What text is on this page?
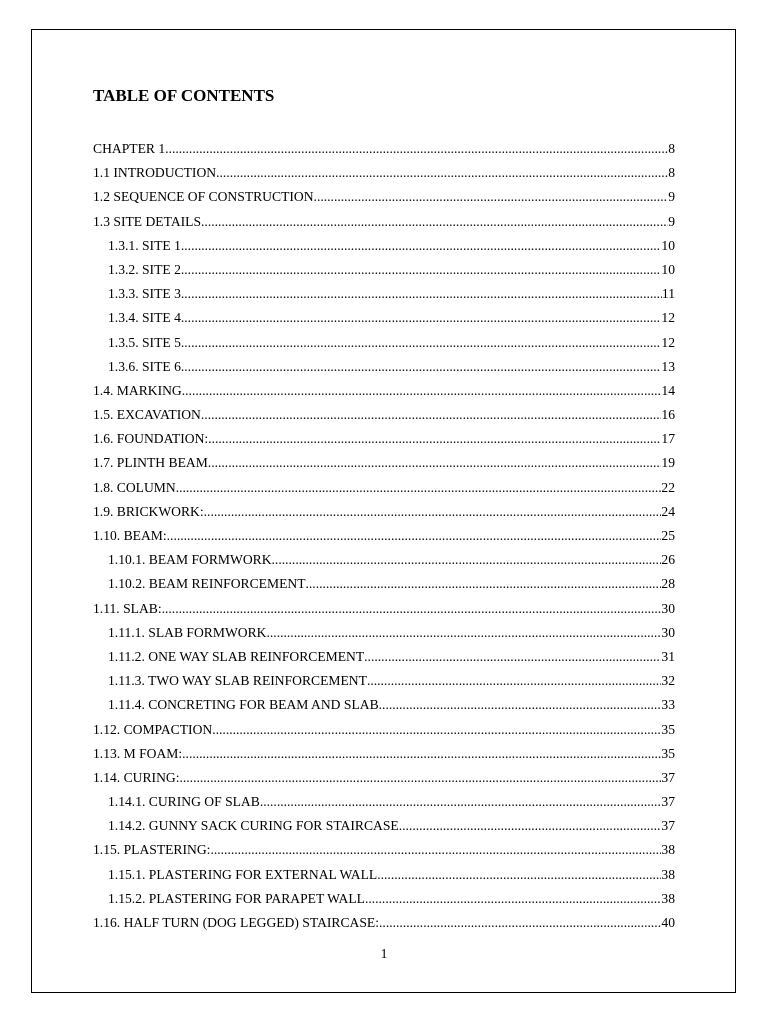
TABLE OF CONTENTS
CHAPTER 1 .....	8
1.1 INTRODUCTION .....	8
1.2 SEQUENCE OF CONSTRUCTION .....	9
1.3 SITE DETAILS .....	9
1.3.1. SITE 1 .....	10
1.3.2. SITE 2 .....	10
1.3.3. SITE 3 .....	11
1.3.4. SITE 4 .....	12
1.3.5. SITE 5 .....	12
1.3.6. SITE 6 .....	13
1.4. MARKING .....	14
1.5. EXCAVATION .....	16
1.6. FOUNDATION: .....	17
1.7. PLINTH BEAM .....	19
1.8. COLUMN .....	22
1.9. BRICKWORK: .....	24
1.10. BEAM: .....	25
1.10.1. BEAM FORMWORK .....	26
1.10.2. BEAM REINFORCEMENT .....	28
1.11. SLAB: .....	30
1.11.1. SLAB FORMWORK .....	30
1.11.2. ONE WAY SLAB REINFORCEMENT .....	31
1.11.3. TWO WAY SLAB REINFORCEMENT .....	32
1.11.4. CONCRETING FOR BEAM AND SLAB .....	33
1.12. COMPACTION .....	35
1.13. M FOAM: .....	35
1.14. CURING: .....	37
1.14.1. CURING OF SLAB .....	37
1.14.2. GUNNY SACK CURING FOR STAIRCASE .....	37
1.15. PLASTERING: .....	38
1.15.1. PLASTERING FOR EXTERNAL WALL .....	38
1.15.2. PLASTERING FOR PARAPET WALL .....	38
1.16. HALF TURN (DOG LEGGED) STAIRCASE: .....	40
1
